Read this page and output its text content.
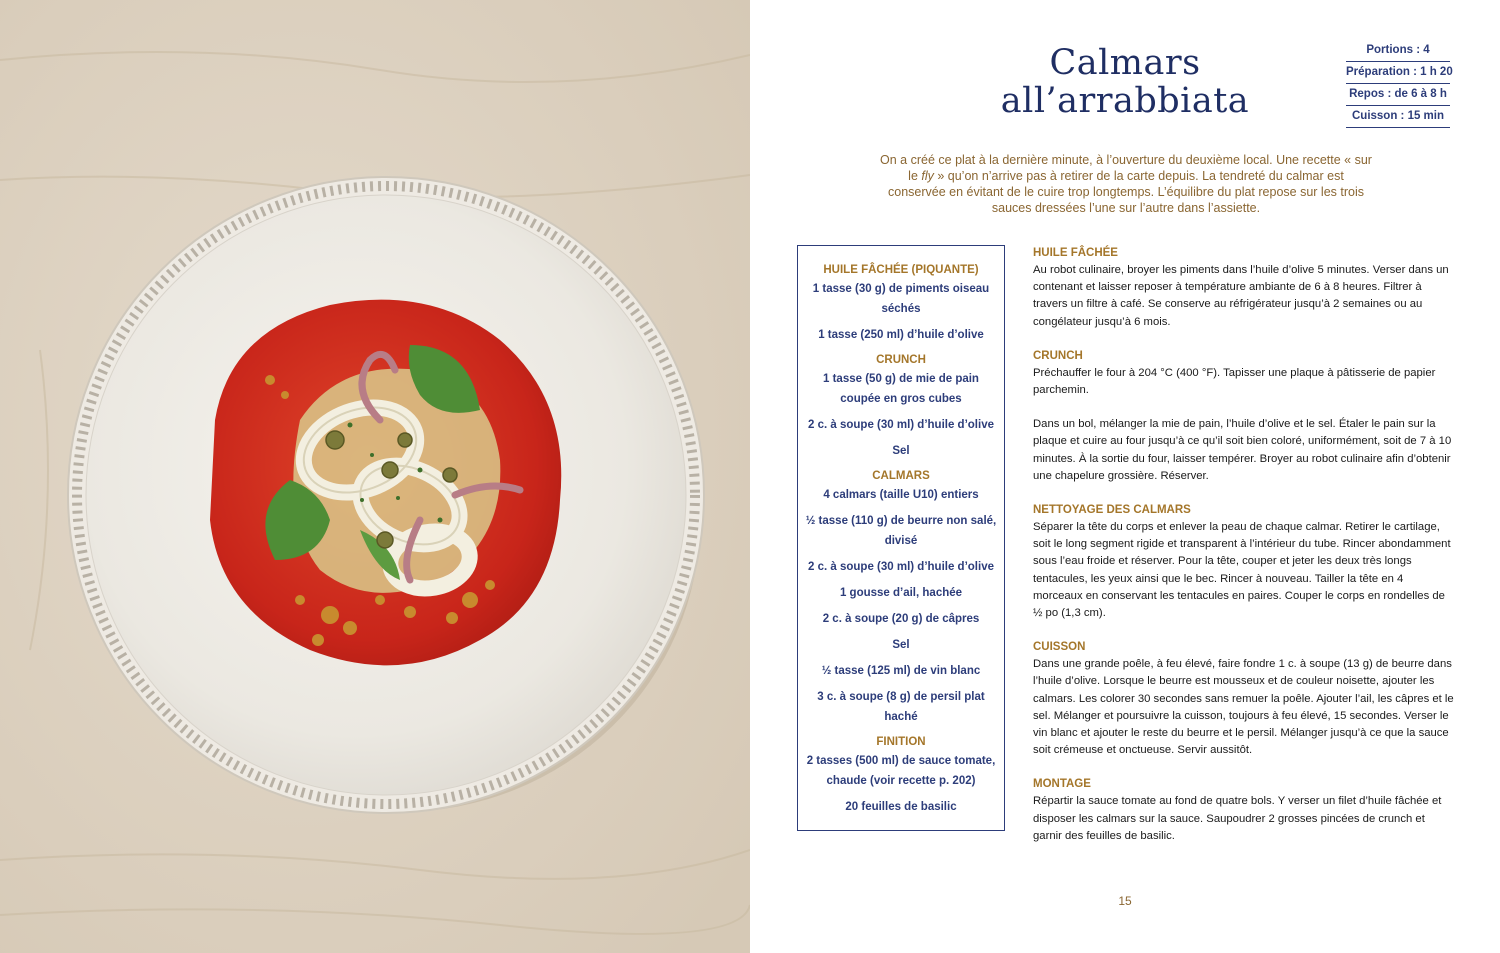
Calmars
all’arrabbiata
Portions : 4
Préparation : 1 h 20
Repos : de 6 à 8 h
Cuisson : 15 min

On a créé ce plat à la dernière minute, à l’ouverture du deuxième local. Une recette « sur le fly » qu’on n’arrive pas à retirer de la carte depuis. La tendreté du calmar est conservée en évitant de le cuire trop longtemps. L’équilibre du plat repose sur les trois sauces dressées l’une sur l’autre dans l’assiette.

HUILE FÂCHÉE (PIQUANTE)
1 tasse (30 g) de piments oiseau séchés
1 tasse (250 ml) d’huile d’olive
CRUNCH
1 tasse (50 g) de mie de pain coupée en gros cubes
2 c. à soupe (30 ml) d’huile d’olive
Sel
CALMARS
4 calmars (taille U10) entiers
½ tasse (110 g) de beurre non salé, divisé
2 c. à soupe (30 ml) d’huile d’olive
1 gousse d’ail, hachée
2 c. à soupe (20 g) de câpres
Sel
½ tasse (125 ml) de vin blanc
3 c. à soupe (8 g) de persil plat haché
FINITION
2 tasses (500 ml) de sauce tomate, chaude (voir recette p. 202)
20 feuilles de basilic
HUILE FÂCHÉE

Au robot culinaire, broyer les piments dans l’huile d’olive 5 minutes. Verser dans un contenant et laisser reposer à température ambiante de 6 à 8 heures. Filtrer à travers un filtre à café. Se conserve au réfrigérateur jusqu’à 2 semaines ou au congélateur jusqu’à 6 mois.

CRUNCH

Préchauffer le four à 204 °C (400 °F). Tapisser une plaque à pâtisserie de papier parchemin.

Dans un bol, mélanger la mie de pain, l’huile d’olive et le sel. Étaler le pain sur la plaque et cuire au four jusqu’à ce qu’il soit bien coloré, uniformément, soit de 7 à 10 minutes. À la sortie du four, laisser tempérer. Broyer au robot culinaire afin d’obtenir une chapelure grossière. Réserver.

NETTOYAGE DES CALMARS

Séparer la tête du corps et enlever la peau de chaque calmar. Retirer le cartilage, soit le long segment rigide et transparent à l’intérieur du tube. Rincer abondamment sous l’eau froide et réserver. Pour la tête, couper et jeter les deux très longs tentacules, les yeux ainsi que le bec. Rincer à nouveau. Tailler la tête en 4 morceaux en conservant les tentacules en paires. Couper le corps en rondelles de ½ po (1,3 cm).

CUISSON

Dans une grande poêle, à feu élevé, faire fondre 1 c. à soupe (13 g) de beurre dans l’huile d’olive. Lorsque le beurre est mousseux et de couleur noisette, ajouter les calmars. Les colorer 30 secondes sans remuer la poêle. Ajouter l’ail, les câpres et le sel. Mélanger et poursuivre la cuisson, toujours à feu élevé, 15 secondes. Verser le vin blanc et ajouter le reste du beurre et le persil. Mélanger jusqu’à ce que la sauce soit crémeuse et onctueuse. Servir aussitôt.

MONTAGE

Répartir la sauce tomate au fond de quatre bols. Y verser un filet d’huile fâchée et disposer les calmars sur la sauce. Saupoudrer 2 grosses pincées de crunch et garnir des feuilles de basilic.

15
